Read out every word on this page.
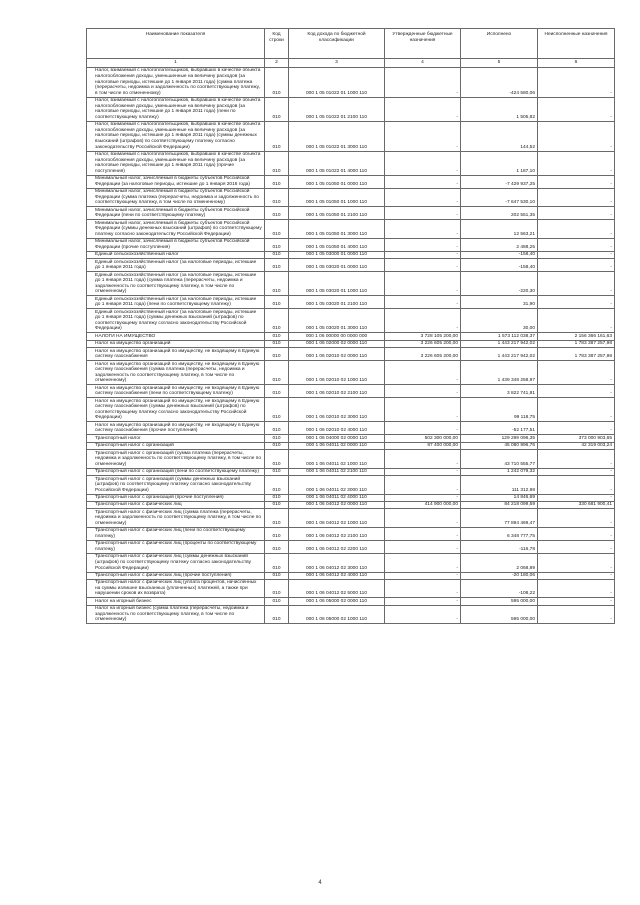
Наименование показателя	Код строки	Код дохода по бюджетной классификации	Утвержденные бюджетные назначения	Исполнено	Неисполненные назначения
1	2	3	4	5	6
Налог, взимаемый с налогоплательщиков, выбравших в качестве объекта налогообложения доходы, уменьшенные на величину расходов (за налоговые периоды, истекшие до 1 января 2011 года) (сумма платежа (перерасчеты, недоимка и задолженность по соответствующему платежу, в том числе по отмененному)	010	000 1 05 01022 01 1000 110	-	-424 580,06	-
Налог, взимаемый с налогоплательщиков, выбравших в качестве объекта налогообложения доходы, уменьшенные на величину расходов (за налоговые периоды, истекшие до 1 января 2011 года) (пени по соответствующему платежу)	010	000 1 05 01022 01 2100 110	-	1 505,82	-
Налог, взимаемый с налогоплательщиков, выбравших в качестве объекта налогообложения доходы, уменьшенные на величину расходов (за налоговые периоды, истекшие до 1 января 2011 года) (суммы денежных взысканий (штрафов) по соответствующему платежу согласно законодательству Российской Федерации)	010	000 1 05 01022 01 3000 110	-	144,52	-
Налог, взимаемый с налогоплательщиков, выбравших в качестве объекта налогообложения доходы, уменьшенные на величину расходов (за налоговые периоды, истекшие до 1 января 2011 года) (прочие поступления)	010	000 1 05 01022 01 4000 110	-	1 187,10	-
Минимальный налог, зачисляемый в бюджеты субъектов Российской Федерации (за налоговые периоды, истекшие до 1 января 2016 года)	010	000 1 05 01050 01 0000 110	-	-7 429 937,25	-
Минимальный налог, зачисляемый в бюджеты субъектов Российской Федерации (сумма платежа (перерасчеты, недоимка и задолженность по соответствующему платежу, в том числе по отмененному)	010	000 1 05 01050 01 1000 110	-	-7 647 530,10	-
Минимальный налог, зачисляемый в бюджеты субъектов Российской Федерации (пени по соответствующему платежу)	010	000 1 05 01050 01 2100 110	-	202 551,35	-
Минимальный налог, зачисляемый в бюджеты субъектов Российской Федерации (суммы денежных взысканий (штрафов) по соответствующему платежу согласно законодательству Российской Федерации)	010	000 1 05 01050 01 3000 110	-	12 563,21	-
Минимальный налог, зачисляемый в бюджеты субъектов Российской Федерации (прочие поступления)	010	000 1 05 01050 01 4000 110	-	2 488,25	-
Единый сельскохозяйственный налог	010	000 1 05 03000 01 0000 110	-	-158,40	-
Единый сельскохозяйственный налог (за налоговые периоды, истекшие до 1 января 2011 года)	010	000 1 05 03020 01 0000 110	-	-158,40	-
Единый сельскохозяйственный налог (за налоговые периоды, истекшие до 1 января 2011 года) (сумма платежа (перерасчеты, недоимка и задолженность по соответствующему платежу, в том числе по отмененному)	010	000 1 05 03020 01 1000 110	-	-220,30	-
Единый сельскохозяйственный налог (за налоговые периоды, истекшие до 1 января 2011 года) (пени по соответствующему платежу)	010	000 1 05 03020 01 2100 110	-	31,90	-
Единый сельскохозяйственный налог (за налоговые периоды, истекшие до 1 января 2011 года) (суммы денежных взысканий (штрафов) по соответствующему платежу согласно законодательству Российской Федерации)	010	000 1 05 03020 01 3000 110	-	30,00	-
НАЛОГИ НА ИМУЩЕСТВО	010	000 1 06 00000 00 0000 000	3 728 105 200,00	1 573 112 038,37	2 156 366 161,63
Налог на имущество организаций	010	000 1 06 02000 02 0000 110	3 226 605 200,00	1 443 217 942,02	1 783 387 257,98
Налог на имущество организаций по имуществу, не входящему в Единую систему газоснабжения	010	000 1 06 02010 02 0000 110	3 226 605 200,00	1 443 217 942,02	1 783 387 257,98
Налог на имущество организаций по имуществу, не входящему в Единую систему газоснабжения (сумма платежа (перерасчеты, недоимка и задолженность по соответствующему платежу, в том числе по отмененному)	010	000 1 06 02010 02 1000 110	-	1 439 348 258,97	-
Налог на имущество организаций по имуществу, не входящему в Единую систему газоснабжения (пени по соответствующему платежу)	010	000 1 06 02010 02 2100 110	-	3 822 741,81	-
Налог на имущество организаций по имуществу, не входящему в Единую систему газоснабжения (суммы денежных взысканий (штрафов) по соответствующему платежу согласно законодательству Российской Федерации)	010	000 1 06 02010 02 3000 110	-	99 118,75	-
Налог на имущество организаций по имуществу, не входящему в Единую систему газоснабжения (прочие поступления)	010	000 1 06 02010 02 4000 110	-	-52 177,51	-
Транспортный налог	010	000 1 06 04000 02 0000 110	502 300 000,00	129 299 096,35	373 000 903,65
Транспортный налог с организаций	010	000 1 06 04011 02 0000 110	87 400 000,00	45 080 996,76	42 319 003,24
Транспортный налог с организаций (сумма платежа (перерасчеты, недоимка и задолженность по соответствующему платежу, в том числе по отмененному)	010	000 1 06 04011 02 1000 110	-	43 710 555,77	-
Транспортный налог с организаций (пени по соответствующему платежу)	010	000 1 06 04011 02 2100 110	-	1 242 079,32	-
Транспортный налог с организаций (суммы денежных взысканий (штрафов) по соответствующему платежу согласно законодательству Российской Федерации)	010	000 1 06 04011 02 3000 110	-	111 312,98	-
Транспортный налог с организаций (прочие поступления)	010	000 1 06 04011 02 4000 110	-	14 846,69	-
Транспортный налог с физических лиц	010	000 1 06 04012 02 0000 110	414 900 000,00	84 218 099,59	330 681 900,41
Транспортный налог с физических лиц (сумма платежа (перерасчеты, недоимка и задолженность по соответствующему платежу, в том числе по отмененному)	010	000 1 06 04012 02 1000 110	-	77 894 469,47	-
Транспортный налог с физических лиц (пени по соответствующему платежу)	010	000 1 06 04012 02 2100 110	-	6 348 777,75	-
Транспортный налог с физических лиц (проценты по соответствующему платежу)	010	000 1 06 04012 02 2200 110	-	-116,78	-
Транспортный налог с физических лиц (суммы денежных взысканий (штрафов) по соответствующему платежу согласно законодательству Российской Федерации)	010	000 1 06 04012 02 3000 110	-	2 068,89	-
Транспортный налог с физических лиц (прочие поступления)	010	000 1 06 04012 02 4000 110	-	-20 180,06	-
Транспортный налог с физических лиц (уплата процентов, начисленных на суммы излишне взысканных (уплаченных) платежей, а также при нарушении сроков их возврата)	010	000 1 06 04012 02 5000 110	-	-108,22	-
Налог на игорный бизнес	010	000 1 06 05000 02 0000 110	-	595 000,00	-
Налог на игорный бизнес (сумма платежа (перерасчеты, недоимка и задолженность по соответствующему платежу, в том числе по отмененному)	010	000 1 06 05000 02 1000 110	-	595 000,00	-
4
